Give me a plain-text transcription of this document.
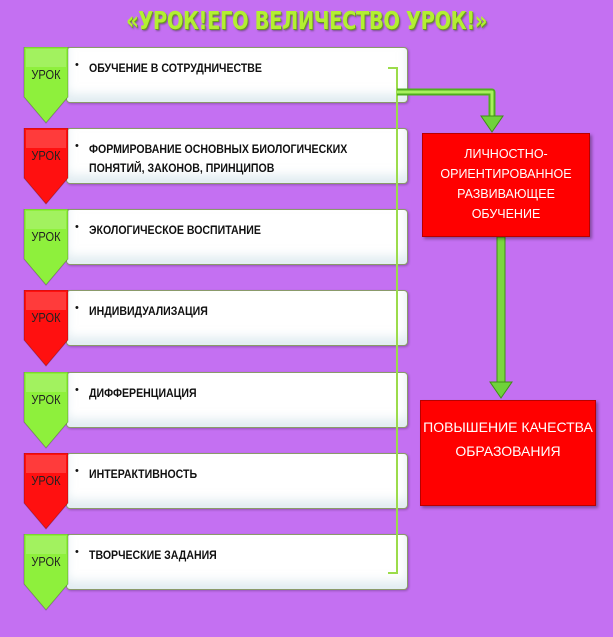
«УРОК!ЕГО ВЕЛИЧЕСТВО УРОК!»
• ОБУЧЕНИЕ В СОТРУДНИЧЕСТВЕ
УРОК
• ФОРМИРОВАНИЕ ОСНОВНЫХ БИОЛОГИЧЕСКИХ ПОНЯТИЙ, ЗАКОНОВ, ПРИНЦИПОВ
УРОК
• ЭКОЛОГИЧЕСКОЕ ВОСПИТАНИЕ
УРОК
• ИНДИВИДУАЛИЗАЦИЯ
УРОК
• ДИФФЕРЕНЦИАЦИЯ
УРОК
• ИНТЕРАКТИВНОСТЬ
УРОК
• ТВОРЧЕСКИЕ ЗАДАНИЯ
УРОК
ЛИЧНОСТНО-ОРИЕНТИРОВАННОЕ РАЗВИВАЮЩЕЕ ОБУЧЕНИЕ
ПОВЫШЕНИЕ КАЧЕСТВА ОБРАЗОВАНИЯ
